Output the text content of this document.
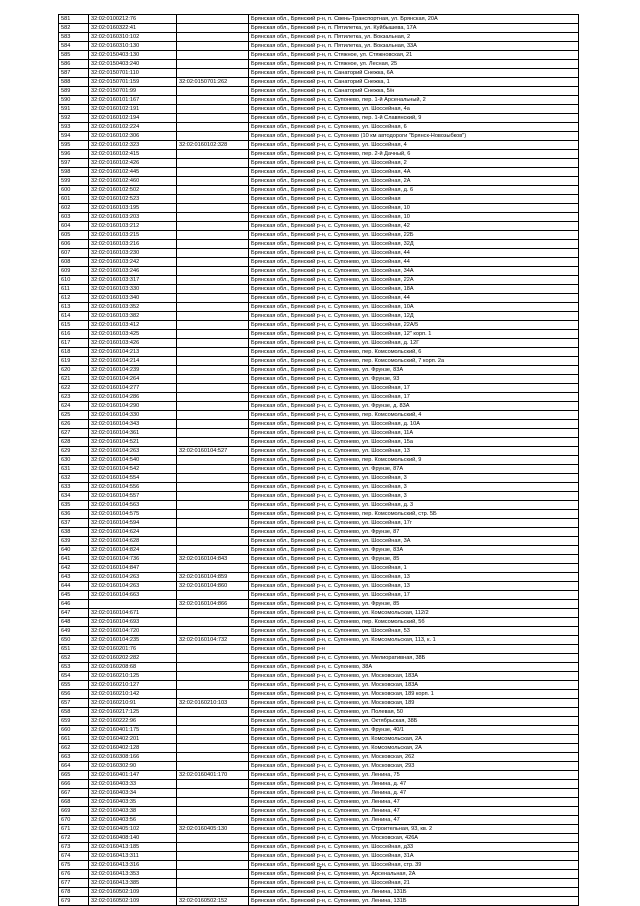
581	32:02:0100212:76		Брянская обл., Брянский р-н, п. Свень-Транспортная, ул. Брянская, 20А
582	32:02:0160322:41		Брянская обл., Брянский р-н, п. Пятилетка, ул. Куйбышева, 17А
583	32:02:0160310:102		Брянская обл., Брянский р-н, п. Пятилетка, ул. Вокзальная, 2
584	32:02:0160310:130		Брянская обл., Брянский р-н, п. Пятилетка, ул. Вокзальная, 33А
585	32:02:0150403:130		Брянская обл., Брянский р-н, п. Стяжное, ул. Стяжновская, 21
586	32:02:0150403:240		Брянская обл., Брянский р-н, п. Стяжное, ул. Лесная, 25
587	32:02:0150701:110		Брянская обл., Брянский р-н, п. Санаторий Снежка, 6А
588	32:02:0150701:159	32:02:0150701:262	Брянская обл., Брянский р-н, п. Санаторий Снежка, 1
589	32:02:0150701:99		Брянская обл., Брянский р-н, п. Санаторий Снежка, 5/н
590	32:02:0160101:167		Брянская обл., Брянский р-н, с. Супонево, пер. 1-й Арсенальный, 2
591	32:02:0160102:191		Брянская обл., Брянский р-н, с. Супонево, ул. Шоссейная, 4а
592	32:02:0160102:194		Брянская обл., Брянский р-н, с. Супонево, пер. 1-й Славянский, 9
593	32:02:0160102:224		Брянская обл., Брянский р-н, с. Супонево, ул. Шоссейная, 6
594	32:02:0160102:306		Брянская обл., Брянский р-н, с. Супонево (10 км автодороги "Брянск-Новозыбков")
595	32:02:0160102:323	32:02:0160102:328	Брянская обл., Брянский р-н, с. Супонево, ул. Шоссейная, 4
596	32:02:0160102:415		Брянская обл., Брянский р-н, с. Супонево, пер. 2-й Дачный, 6
597	32:02:0160102:426		Брянская обл., Брянский р-н, с. Супонево, ул. Шоссейная, 2
598	32:02:0160102:445		Брянская обл., Брянский р-н, с. Супонево, ул. Шоссейная, 4А
599	32:02:0160102:460		Брянская обл., Брянский р-н, с. Супонево, ул. Шоссейная, 2А
600	32:02:0160102:502		Брянская обл., Брянский р-н, с. Супонево, ул. Шоссейная, д. 6
601	32:02:0160102:523		Брянская обл., Брянский р-н, с. Супонево, ул. Шоссейная
602	32:02:0160103:195		Брянская обл., Брянский р-н, с. Супонево, ул. Шоссейная, 10
603	32:02:0160103:203		Брянская обл., Брянский р-н, с. Супонево, ул. Шоссейная, 10
604	32:02:0160103:212		Брянская обл., Брянский р-н, с. Супонево, ул. Шоссейная, 42
605	32:02:0160103:215		Брянская обл., Брянский р-н, с. Супонево, ул. Шоссейная, 22Б
606	32:02:0160103:216		Брянская обл., Брянский р-н, с. Супонево, ул. Шоссейная, 32Д
607	32:02:0160103:230		Брянская обл., Брянский р-н, с. Супонево, ул. Шоссейная, 44
608	32:02:0160103:242		Брянская обл., Брянский р-н, с. Супонево, ул. Шоссейная, 44
609	32:02:0160103:246		Брянская обл., Брянский р-н, с. Супонево, ул. Шоссейная, 34А
610	32:02:0160103:317		Брянская обл., Брянский р-н, с. Супонево, ул. Шоссейная, 22А
611	32:02:0160103:330		Брянская обл., Брянский р-н, с. Супонево, ул. Шоссейная, 18А
612	32:02:0160103:340		Брянская обл., Брянский р-н, с. Супонево, ул. Шоссейная, 44
613	32:02:0160103:352		Брянская обл., Брянский р-н, с. Супонево, ул. Шоссейная, 10А
614	32:02:0160103:382		Брянская обл., Брянский р-н, с. Супонево, ул. Шоссейная, 12Д
615	32:02:0160103:412		Брянская обл., Брянский р-н, с. Супонево, ул. Шоссейная, 22А/5
616	32:02:0160103:425		Брянская обл., Брянский р-н, с. Супонево, ул. Шоссейная, 12" корп. 1
617	32:02:0160103:426		Брянская обл., Брянский р-н, с. Супонево, ул. Шоссейная, д. 12Г
618	32:02:0160104:213		Брянская обл., Брянский р-н, с. Супонево, пер. Комсомольский, 6
619	32:02:0160104:214		Брянская обл., Брянский р-н, с. Супонево, пер. Комсомольский, 7 корп. 2а
620	32:02:0160104:239		Брянская обл., Брянский р-н, с. Супонево, ул. Фрунзе, 83А
621	32:02:0160104:264		Брянская обл., Брянский р-н, с. Супонево, ул. Фрунзе, 93
622	32:02:0160104:277		Брянская обл., Брянский р-н, с. Супонево, ул. Шоссейная, 17
623	32:02:0160104:286		Брянская обл., Брянский р-н, с. Супонево, ул. Шоссейная, 17
624	32:02:0160104:290		Брянская обл., Брянский р-н, с. Супонево, ул. Фрунзе, д. 83А
625	32:02:0160104:330		Брянская обл., Брянский р-н, с. Супонево, пер. Комсомольский, 4
626	32:02:0160104:343		Брянская обл., Брянский р-н, с. Супонево, ул. Шоссейная, д. 10А
627	32:02:0160104:361		Брянская обл., Брянский р-н, с. Супонево, ул. Шоссейная, 11А
628	32:02:0160104:521		Брянская обл., Брянский р-н, с. Супонево, ул. Шоссейная, 15а
629	32:02:0160104:263	32:02:0160104:527	Брянская обл., Брянский р-н, с. Супонево, ул. Шоссейная, 13
630	32:02:0160104:540		Брянская обл., Брянский р-н, с. Супонево, пер. Комсомольский, 9
631	32:02:0160104:542		Брянская обл., Брянский р-н, с. Супонево, ул. Фрунзе, 87А
632	32:02:0160104:554		Брянская обл., Брянский р-н, с. Супонево, ул. Шоссейная, 3
633	32:02:0160104:556		Брянская обл., Брянский р-н, с. Супонево, ул. Шоссейная, 3
634	32:02:0160104:557		Брянская обл., Брянский р-н, с. Супонево, ул. Шоссейная, 3
635	32:02:0160104:563		Брянская обл., Брянский р-н, с. Супонево, ул. Шоссейная, д. 3
636	32:02:0160104:575		Брянская обл., Брянский р-н, с. Супонево, пер. Комсомольский, стр. 5Б
637	32:02:0160104:594		Брянская обл., Брянский р-н, с. Супонево, ул. Шоссейная, 17г
638	32:02:0160104:624		Брянская обл., Брянский р-н, с. Супонево, ул. Фрунзе, 87
639	32:02:0160104:628		Брянская обл., Брянский р-н, с. Супонево, ул. Шоссейная, 3А
640	32:02:0160104:824		Брянская обл., Брянский р-н, с. Супонево, ул. Фрунзе, 83А
641	32:02:0160104:736	32:02:0160104:843	Брянская обл., Брянский р-н, с. Супонево, ул. Фрунзе, 85
642	32:02:0160104:847		Брянская обл., Брянский р-н, с. Супонево, ул. Шоссейная, 1
643	32:02:0160104:263	32:02:0160104:859	Брянская обл., Брянский р-н, с. Супонево, ул. Шоссейная, 13
644	32:02:0160104:263	32:02:0160104:860	Брянская обл., Брянский р-н, с. Супонево, ул. Шоссейная, 13
645	32:02:0160104:663		Брянская обл., Брянский р-н, с. Супонево, ул. Шоссейная, 17
646		32:02:0160104:866	Брянская обл., Брянский р-н, с. Супонево, ул. Фрунзе, 85
647	32:02:0160104:671		Брянская обл., Брянский р-н, с. Супонево, ул. Комсомольская, 112/2
648	32:02:0160104:693		Брянская обл., Брянский р-н, с. Супонево, пер. Комсомольский, 5б
649	32:02:0160104:720		Брянская обл., Брянский р-н, с. Супонево, ул. Шоссейная, 53
650	32:02:0160104:235	32:02:0160104:732	Брянская обл., Брянский р-н, с. Супонево, ул. Комсомольская, 113, к. 1
651	32:02:0160201:76		Брянская обл., Брянский р-н
652	32:02:0160202:282		Брянская обл., Брянский р-н, с. Супонево, ул. Мелиоративная, 38Б
653	32:02:0160208:68		Брянская обл., Брянский р-н, с. Супонево, 38А
654	32:02:0160210:125		Брянская обл., Брянский р-н, с. Супонево, ул. Московская, 183А
655	32:02:0160210:127		Брянская обл., Брянский р-н, с. Супонево, ул. Московская, 183А
656	32:02:0160210:142		Брянская обл., Брянский р-н, с. Супонево, ул. Московская, 189 корп. 1
657	32:02:0160210:91	32:02:0160210:103	Брянская обл., Брянский р-н, с. Супонево, ул. Московская, 189
658	32:02:0160217:125		Брянская обл., Брянский р-н, с. Супонево, ул. Полевая, 50
659	32:02:0160222:96		Брянская обл., Брянский р-н, с. Супонево, ул. Октябрьская, 38Б
660	32:02:0160401:175		Брянская обл., Брянский р-н, с. Супонево, ул. Фрунзе, 40/1
661	32:02:0160402:201		Брянская обл., Брянский р-н, с. Супонево, ул. Комсомольская, 2А
662	32:02:0160402:128		Брянская обл., Брянский р-н, с. Супонево, ул. Комсомольская, 2А
663	32:02:0160308:166		Брянская обл., Брянский р-н, с. Супонево, ул. Московская, 262
664	32:02:0160302:90		Брянская обл., Брянский р-н, с. Супонево, ул. Московская, 293
665	32:02:0160401:147	32:02:0160401:170	Брянская обл., Брянский р-н, с. Супонево, ул. Ленина, 75
666	32:02:0160403:33		Брянская обл., Брянский р-н, с. Супонево, ул. Ленина, д. 47
667	32:02:0160403:34		Брянская обл., Брянский р-н, с. Супонево, ул. Ленина, д. 47
668	32:02:0160403:35		Брянская обл., Брянский р-н, с. Супонево, ул. Ленина, 47
669	32:02:0160403:38		Брянская обл., Брянский р-н, с. Супонево, ул. Ленина, 47
670	32:02:0160403:56		Брянская обл., Брянский р-н, с. Супонево, ул. Ленина, 47
671	32:02:0160405:102	32:02:0160405:130	Брянская обл., Брянский р-н, с. Супонево, ул. Строительная, 93, кв. 2
672	32:02:0160408:140		Брянская обл., Брянский р-н, с. Супонево, ул. Московская, 426А
673	32:02:0160413:185		Брянская обл., Брянский р-н, с. Супонево, ул. Шоссейная, д33
674	32:02:0160413:311		Брянская обл., Брянский р-н, с. Супонево, ул. Шоссейная, 31А
675	32:02:0160413:316		Брянская обл., Брянский р-н, с. Супонево, ул. Шоссейная, стр. 39
676	32:02:0160413:353		Брянская обл., Брянский р-н, с. Супонево, ул. Арсенальная, 2А
677	32:02:0160413:385		Брянская обл., Брянский р-н, с. Супонево, ул. Шоссейная, 21
678	32:02:0160502:109		Брянская обл., Брянский р-н, с. Супонево, ул. Ленина, 131Б
679	32:02:0160502:109	32:02:0160502:152	Брянская обл., Брянский р-н, с. Супонево, ул. Ленина, 131Б
7
